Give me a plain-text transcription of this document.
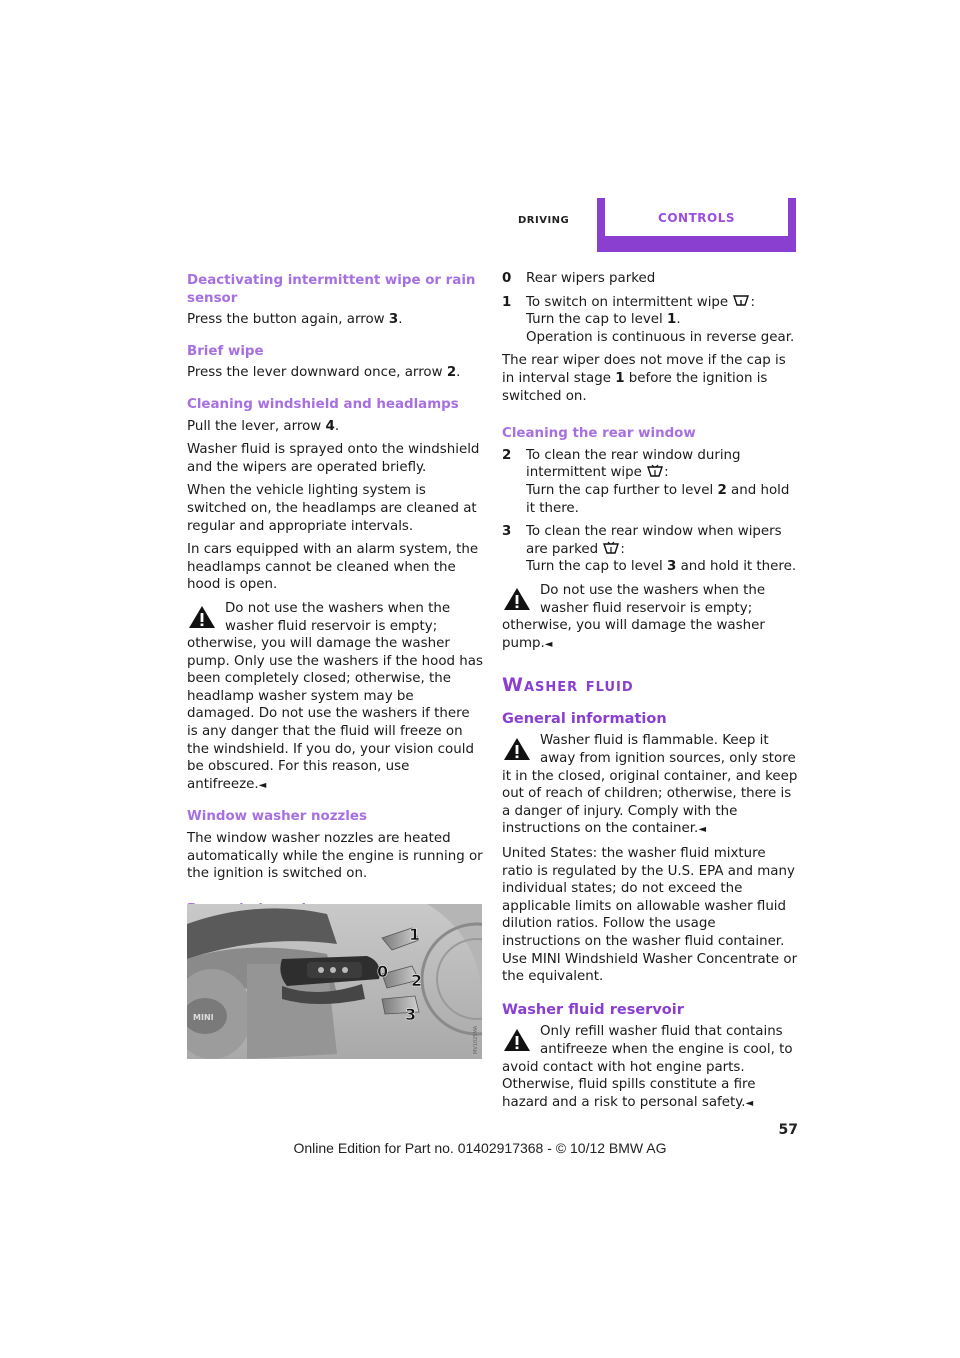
DRIVING	CONTROLS
Deactivating intermittent wipe or rain sensor

Press the button again, arrow 3.

Brief wipe

Press the lever downward once, arrow 2.

Cleaning windshield and headlamps

Pull the lever, arrow 4.

Washer fluid is sprayed onto the windshield and the wipers are operated briefly.

When the vehicle lighting system is switched on, the headlamps are cleaned at regular and appropriate intervals.

In cars equipped with an alarm system, the headlamps cannot be cleaned when the hood is open.

Do not use the washers when the washer fluid reservoir is empty; otherwise, you will damage the washer pump. Only use the washers if the hood has been completely closed; otherwise, the headlamp washer system may be damaged. Do not use the washers if there is any danger that the fluid will freeze on the windshield. If you do, your vision could be obscured. For this reason, use antifreeze.◄
Window washer nozzles

The window washer nozzles are heated automatically while the engine is running or the ignition is switched on.

MINI
1
0 2
3
MV1025MA
0 Rear wipers parked
1 To switch on intermittent wipe :
Turn the cap to level 1.
Operation is continuous in reverse gear.

The rear wiper does not move if the cap is in interval stage 1 before the ignition is switched on.

Cleaning the rear window
2 To clean the rear window during intermittent wipe :
Turn the cap further to level 2 and hold it there.
3 To clean the rear window when wipers are parked :
Turn the cap to level 3 and hold it there.
Do not use the washers when the washer fluid reservoir is empty; otherwise, you will damage the washer pump.◄
Washer fluid
General information
Washer fluid is flammable. Keep it away from ignition sources, only store it in the closed, original container, and keep out of reach of children; otherwise, there is a danger of injury. Comply with the instructions on the container.◄

United States: the washer fluid mixture ratio is regulated by the U.S. EPA and many individual states; do not exceed the applicable limits on allowable washer fluid dilution ratios. Follow the usage instructions on the washer fluid container. Use MINI Windshield Washer Concentrate or the equivalent.

Washer fluid reservoir
Only refill washer fluid that contains antifreeze when the engine is cool, to avoid contact with hot engine parts. Otherwise, fluid spills constitute a fire hazard and a risk to personal safety.◄
57
Online Edition for Part no. 01402917368 - © 10/12 BMW AG
